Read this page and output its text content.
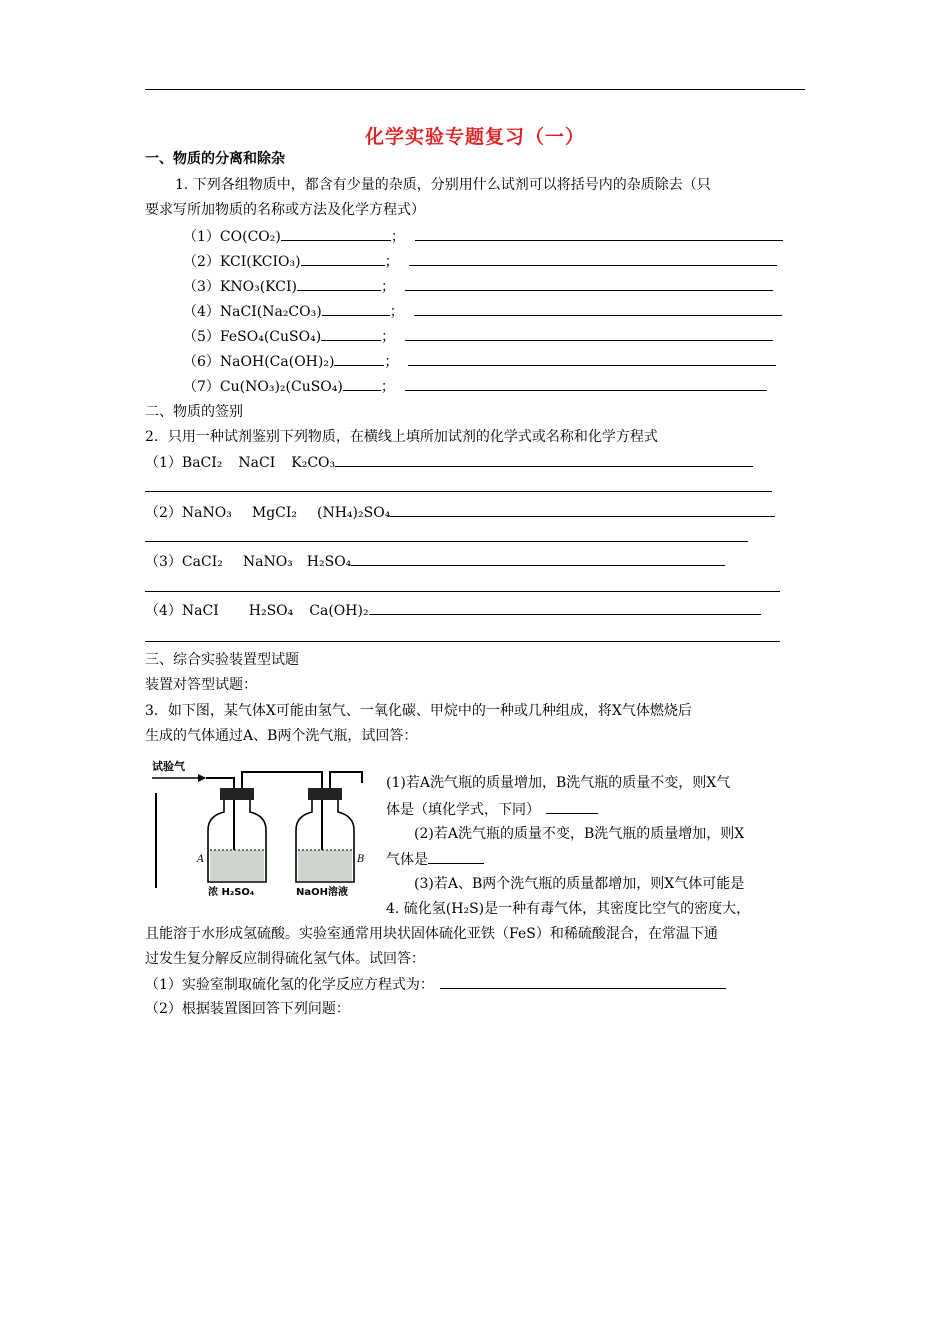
化学实验专题复习（一）
一、物质的分离和除杂
1. 下列各组物质中，都含有少量的杂质，分别用什么试剂可以将括号内的杂质除去（只
要求写所加物质的名称或方法及化学方程式）
（1）CO(CO₂)	；
（2）KCI(KCIO₃)	；
（3）KNO₃(KCI)	；
（4）NaCI(Na₂CO₃)	；
（5）FeSO₄(CuSO₄)	；
（6）NaOH(Ca(OH)₂)	；
（7）Cu(NO₃)₂(CuSO₄)	；
二、物质的签别
2．只用一种试剂鉴别下列物质，在横线上填所加试剂的化学式或名称和化学方程式
（1）BaCI₂ NaCI K₂CO₃
（2）NaNO₃ MgCI₂ (NH₄)₂SO₄
（3）CaCI₂ NaNO₃ H₂SO₄
（4）NaCI H₂SO₄ Ca(OH)₂
三、综合实验装置型试题
装置对答型试题：
3．如下图，某气体X可能由氢气、一氧化碳、甲烷中的一种或几种组成，将X气体燃烧后
生成的气体通过A、B两个洗气瓶，试回答：
试验气
A	B
浓 H₂SO₄	NaOH溶液
(1)若A洗气瓶的质量增加，B洗气瓶的质量不变，则X气
体是（填化学式，下同）
(2)若A洗气瓶的质量不变，B洗气瓶的质量增加，则X
气体是
(3)若A、B两个洗气瓶的质量都增加，则X气体可能是
4. 硫化氢(H₂S)是一种有毒气体，其密度比空气的密度大，
且能溶于水形成氢硫酸。实验室通常用块状固体硫化亚铁（FeS）和稀硫酸混合，在常温下通
过发生复分解反应制得硫化氢气体。试回答：
（1）实验室制取硫化氢的化学反应方程式为：
（2）根据装置图回答下列问题：
